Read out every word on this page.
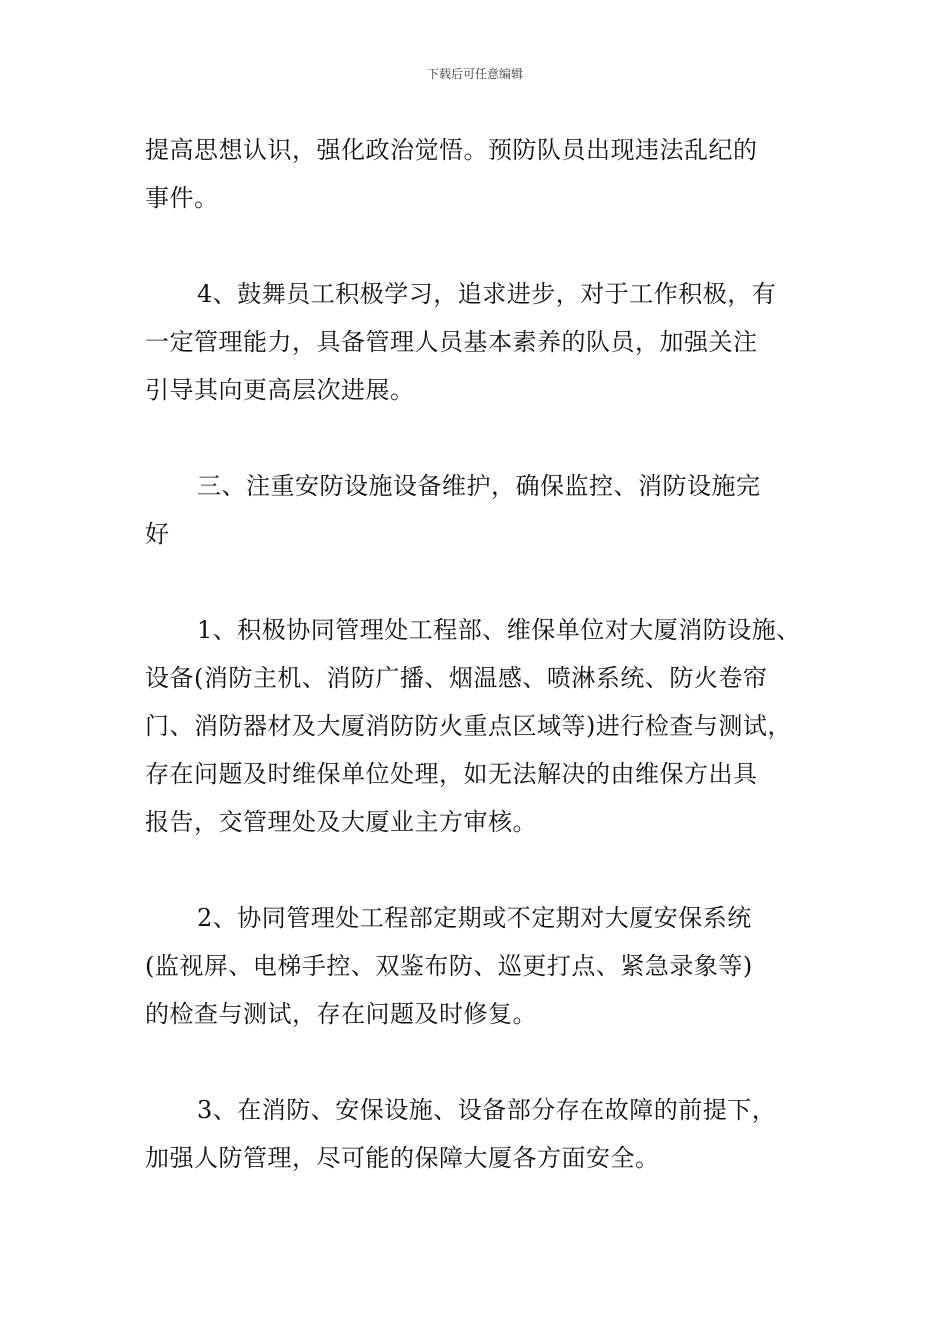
下载后可任意编辑

提高思想认识，强化政治觉悟。预防队员出现违法乱纪的
事件。

4、鼓舞员工积极学习，追求进步，对于工作积极，有
一定管理能力，具备管理人员基本素养的队员，加强关注
引导其向更高层次进展。

三、注重安防设施设备维护，确保监控、消防设施完
好

1、积极协同管理处工程部、维保单位对大厦消防设施、
设备(消防主机、消防广播、烟温感、喷淋系统、防火卷帘
门、消防器材及大厦消防防火重点区域等)进行检查与测试，
存在问题及时维保单位处理，如无法解决的由维保方出具
报告，交管理处及大厦业主方审核。

2、协同管理处工程部定期或不定期对大厦安保系统
(监视屏、电梯手控、双鉴布防、巡更打点、紧急录象等)
的检查与测试，存在问题及时修复。

3、在消防、安保设施、设备部分存在故障的前提下，
加强人防管理，尽可能的保障大厦各方面安全。
